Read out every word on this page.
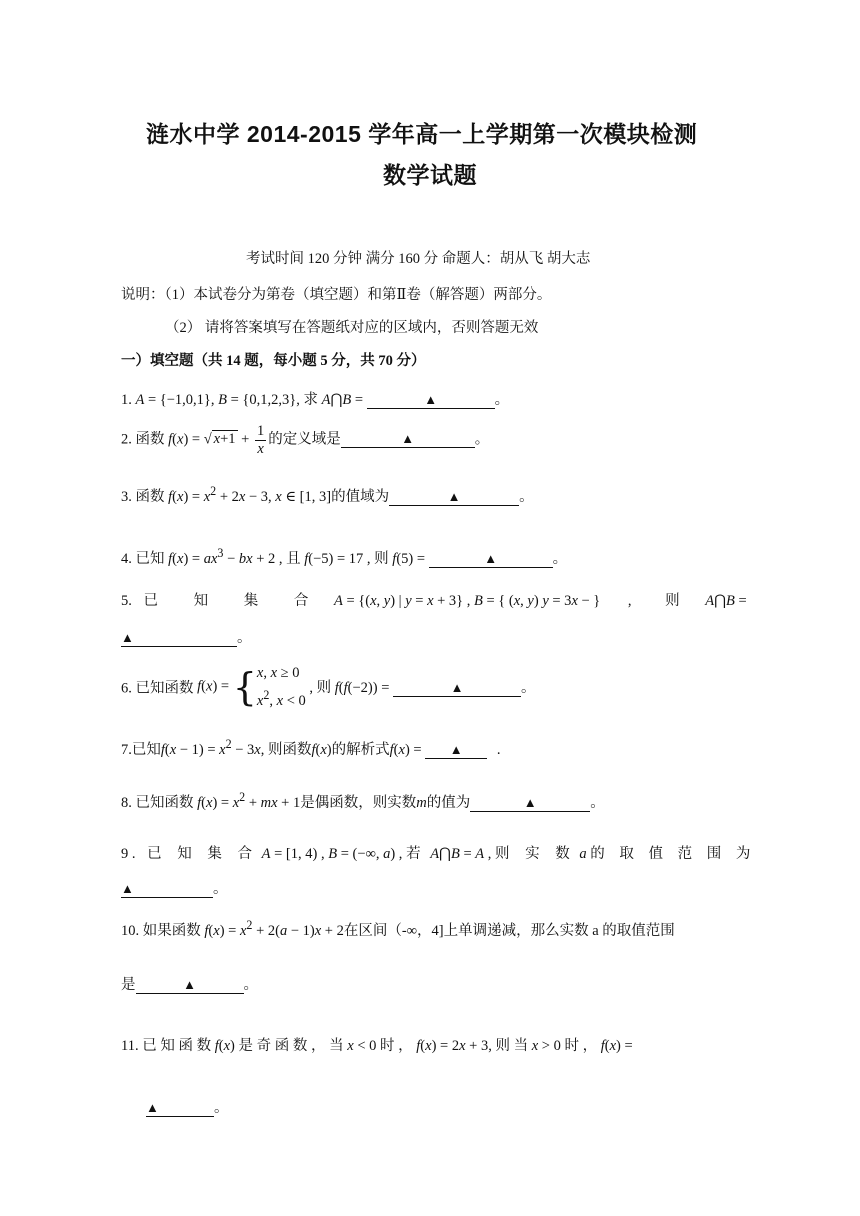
涟水中学 2014-2015 学年高一上学期第一次模块检测
数学试题
考试时间 120 分钟 满分 160 分 命题人：胡从飞 胡大志
说明：（1）本试卷分为第卷（填空题）和第Ⅱ卷（解答题）两部分。
（2） 请将答案填写在答题纸对应的区域内，否则答题无效
一）填空题（共 14 题，每小题 5 分，共 70 分）
1. A = {−1,0,1}, B = {0,1,2,3}, 求 A⋂B =	▲	。
2. 函数 f(x) = √ $x+1 + \frac{1}{x}$ 的定义域是	▲	。
3. 函数 $f(x) = x^2 + 2x - 3$, x ∈ [1, 3]的值域为	▲	。
4. 已知 $f(x) = ax^3$ − bx + 2 , 且 f(−5) = 17 , 则 f(5) =	▲	。
5. 已 知 集 合 A = {(x, y) | y = x + 3} , B = { (x, y) y = 3x − } , 则 A⋂B =
▲	。
6. 已知函数 f(x) = { x, x ≥ 0
$x^2$, x < 0
, 则 f(f(−2)) =	▲	。
7.已知$f(x - 1) = x^2 - 3x$, 则函数f(x)的解析式f(x) = ▲ .
8. 已知函数 $f(x) = x^2$ + mx + 1是偶函数，则实数m的值为	▲	。
9 . 已 知 集 合 A = [1, 4) , B = (−∞, a) , 若 A⋂B = A , 则 实 数 a 的 取 值 范 围 为
▲	。
10. 如果函数 $f(x) = x^2 + 2(a - 1)x + 2$在区间（-∞，4]上单调递减，那么实数 a 的取值范围
是	▲	。
11. 已 知 函 数 f(x) 是 奇 函 数 ， 当 x < 0 时 ， f(x) = 2x + 3, 则 当 x > 0 时 ， f(x) =
▲	。
